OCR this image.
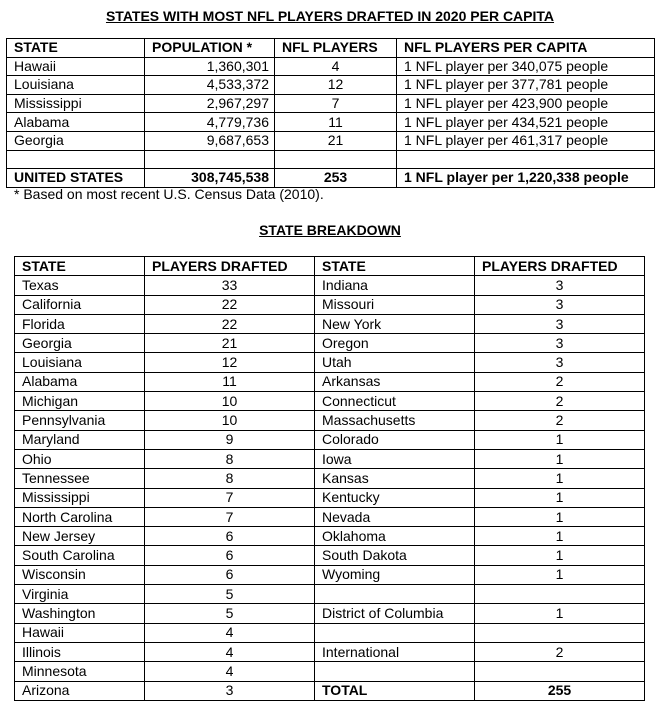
STATES WITH MOST NFL PLAYERS DRAFTED IN 2020 PER CAPITA
STATE	POPULATION *	NFL PLAYERS	NFL PLAYERS PER CAPITA
Hawaii	1,360,301	4	1 NFL player per 340,075 people
Louisiana	4,533,372	12	1 NFL player per 377,781 people
Mississippi	2,967,297	7	1 NFL player per 423,900 people
Alabama	4,779,736	11	1 NFL player per 434,521 people
Georgia	9,687,653	21	1 NFL player per 461,317 people

UNITED STATES	308,745,538	253	1 NFL player per 1,220,338 people
* Based on most recent U.S. Census Data (2010).
STATE BREAKDOWN
STATE	PLAYERS DRAFTED	STATE	PLAYERS DRAFTED
Texas	33	Indiana	3
California	22	Missouri	3
Florida	22	New York	3
Georgia	21	Oregon	3
Louisiana	12	Utah	3
Alabama	11	Arkansas	2
Michigan	10	Connecticut	2
Pennsylvania	10	Massachusetts	2
Maryland	9	Colorado	1
Ohio	8	Iowa	1
Tennessee	8	Kansas	1
Mississippi	7	Kentucky	1
North Carolina	7	Nevada	1
New Jersey	6	Oklahoma	1
South Carolina	6	South Dakota	1
Wisconsin	6	Wyoming	1
Virginia	5		
Washington	5	District of Columbia	1
Hawaii	4		
Illinois	4	International	2
Minnesota	4		
Arizona	3	TOTAL	255
